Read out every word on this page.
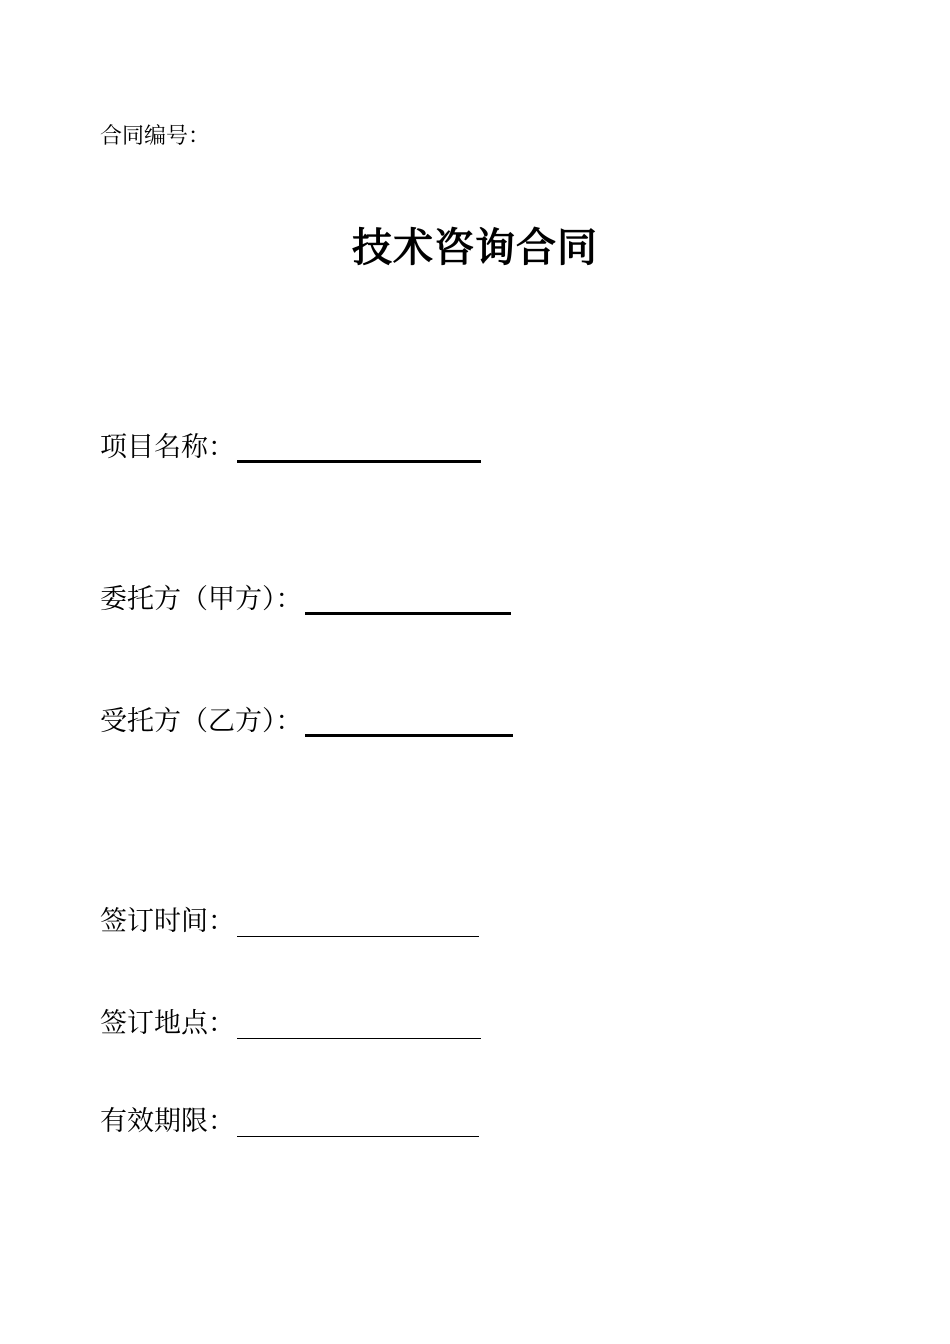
合同编号：
技术咨询合同
项目名称：
委托方（甲方）：
受托方（乙方）：
签订时间：
签订地点：
有效期限：
